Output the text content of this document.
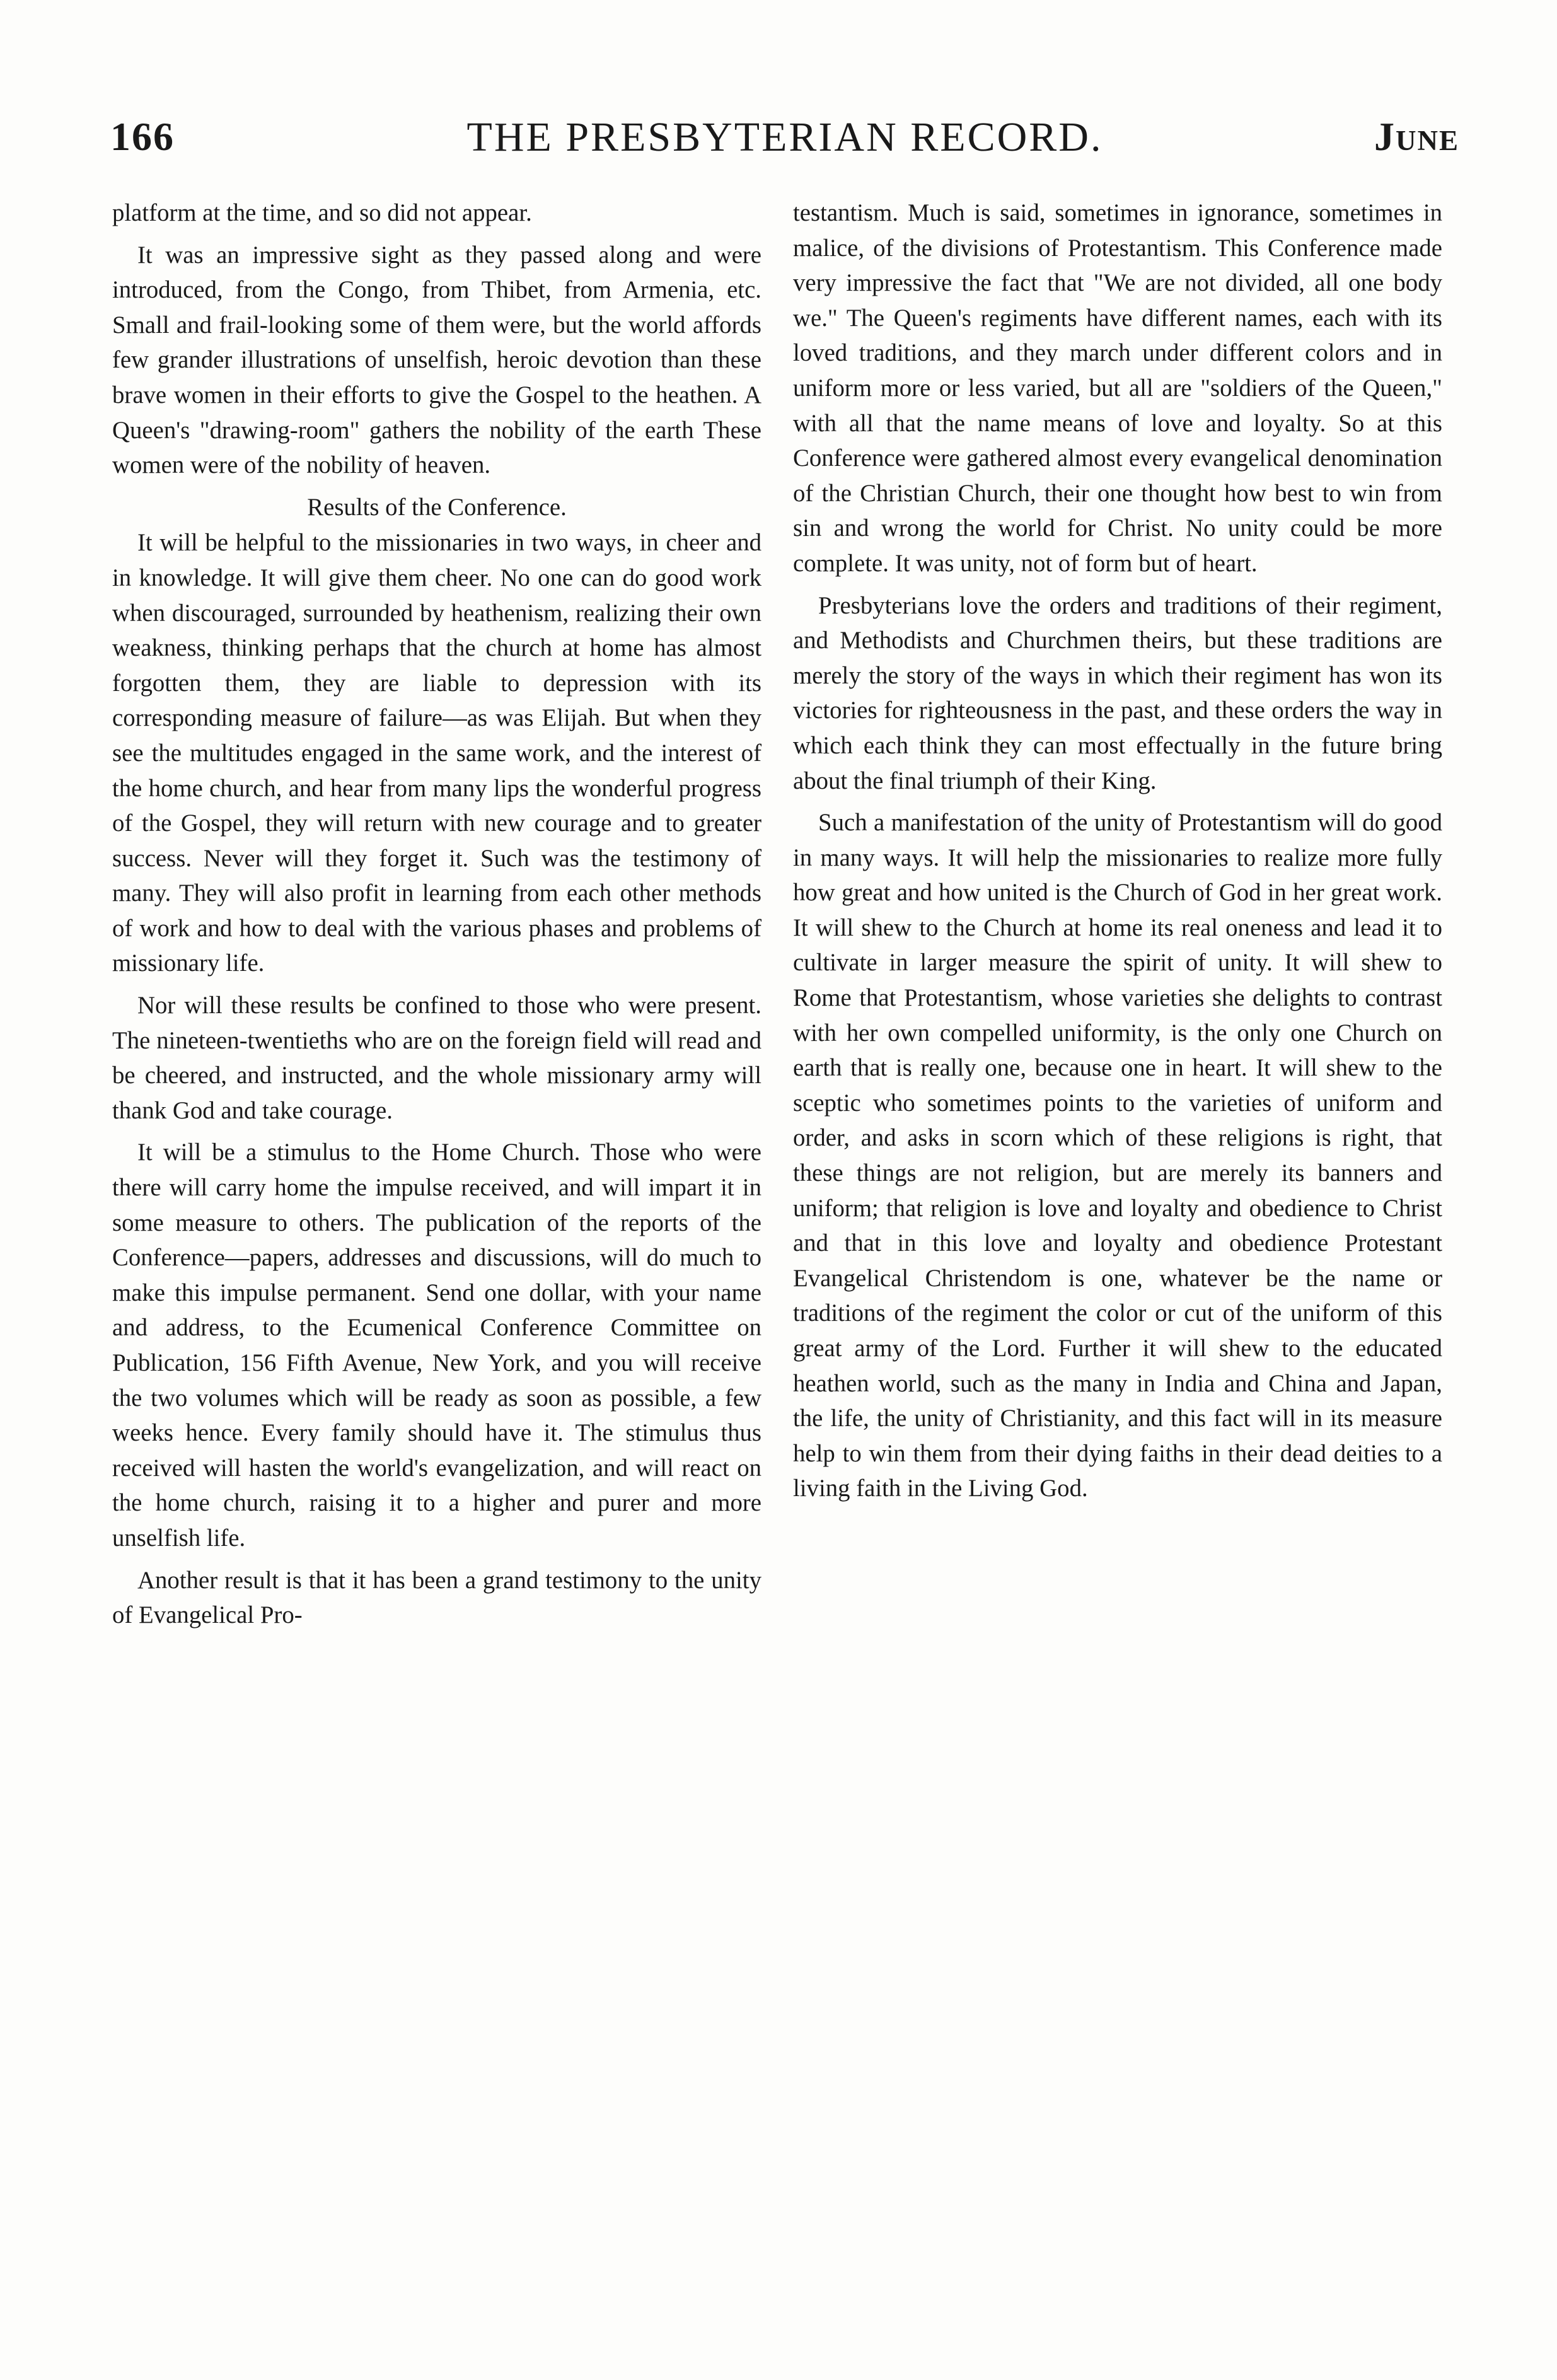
166	THE PRESBYTERIAN RECORD.	June

platform at the time, and so did not appear.

It was an impressive sight as they passed along and were introduced, from the Congo, from Thibet, from Armenia, etc. Small and frail-looking some of them were, but the world affords few grander illustrations of unselfish, heroic devotion than these brave women in their efforts to give the Gospel to the heathen. A Queen's "drawing-room" gathers the nobility of the earth These women were of the nobility of heaven.

Results of the Conference.

It will be helpful to the missionaries in two ways, in cheer and in knowledge. It will give them cheer. No one can do good work when discouraged, surrounded by heathenism, realizing their own weakness, thinking perhaps that the church at home has almost forgotten them, they are liable to depression with its corresponding measure of failure—as was Elijah. But when they see the multitudes engaged in the same work, and the interest of the home church, and hear from many lips the wonderful progress of the Gospel, they will return with new courage and to greater success. Never will they forget it. Such was the testimony of many. They will also profit in learning from each other methods of work and how to deal with the various phases and problems of missionary life.

Nor will these results be confined to those who were present. The nineteen-twentieths who are on the foreign field will read and be cheered, and instructed, and the whole missionary army will thank God and take courage.

It will be a stimulus to the Home Church. Those who were there will carry home the impulse received, and will impart it in some measure to others. The publication of the reports of the Conference—papers, addresses and discussions, will do much to make this impulse permanent. Send one dollar, with your name and address, to the Ecumenical Conference Committee on Publication, 156 Fifth Avenue, New York, and you will receive the two volumes which will be ready as soon as possible, a few weeks hence. Every family should have it. The stimulus thus received will hasten the world's evangelization, and will react on the home church, raising it to a higher and purer and more unselfish life.

Another result is that it has been a grand testimony to the unity of Evangelical Pro-

testantism. Much is said, sometimes in ignorance, sometimes in malice, of the divisions of Protestantism. This Conference made very impressive the fact that "We are not divided, all one body we." The Queen's regiments have different names, each with its loved traditions, and they march under different colors and in uniform more or less varied, but all are "soldiers of the Queen," with all that the name means of love and loyalty. So at this Conference were gathered almost every evangelical denomination of the Christian Church, their one thought how best to win from sin and wrong the world for Christ. No unity could be more complete. It was unity, not of form but of heart.

Presbyterians love the orders and traditions of their regiment, and Methodists and Churchmen theirs, but these traditions are merely the story of the ways in which their regiment has won its victories for righteousness in the past, and these orders the way in which each think they can most effectually in the future bring about the final triumph of their King.

Such a manifestation of the unity of Protestantism will do good in many ways. It will help the missionaries to realize more fully how great and how united is the Church of God in her great work. It will shew to the Church at home its real oneness and lead it to cultivate in larger measure the spirit of unity. It will shew to Rome that Protestantism, whose varieties she delights to contrast with her own compelled uniformity, is the only one Church on earth that is really one, because one in heart. It will shew to the sceptic who sometimes points to the varieties of uniform and order, and asks in scorn which of these religions is right, that these things are not religion, but are merely its banners and uniform; that religion is love and loyalty and obedience to Christ and that in this love and loyalty and obedience Protestant Evangelical Christendom is one, whatever be the name or traditions of the regiment the color or cut of the uniform of this great army of the Lord. Further it will shew to the educated heathen world, such as the many in India and China and Japan, the life, the unity of Christianity, and this fact will in its measure help to win them from their dying faiths in their dead deities to a living faith in the Living God.
